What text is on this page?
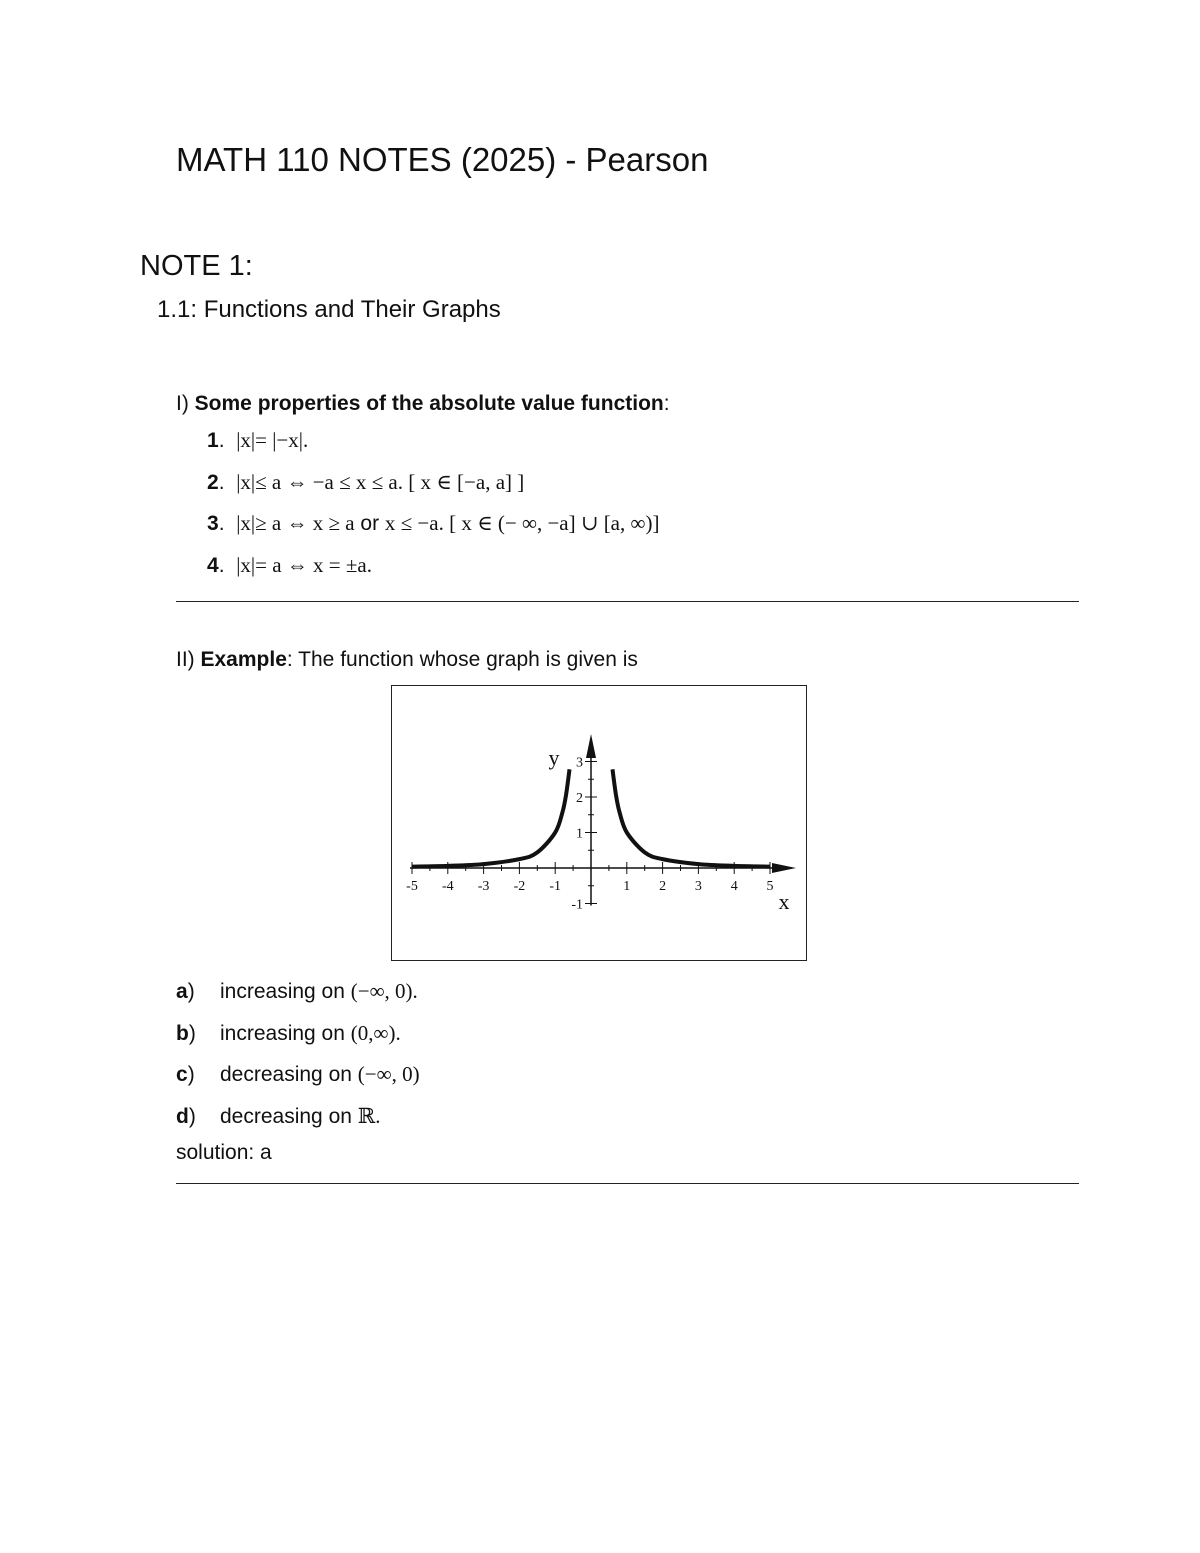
MATH 110 NOTES (2025) - Pearson
NOTE 1:
1.1: Functions and Their Graphs
I) Some properties of the absolute value function:
1. |x|= |−x|.
2. |x|≤ a ⇔ −a ≤ x ≤ a. [ x ∈ [−a, a] ]
3. |x|≥ a ⇔ x ≥ a or x ≤ −a. [ x ∈ (− ∞, −a] ∪ [a, ∞)]
4. |x|= a ⇔ x = ±a.
II) Example: The function whose graph is given is
-5 -4 -3 -2 -1	1 2 3 4 5
-1
1
2
3
x
y
a) increasing on (−∞, 0).
b) increasing on (0,∞).
c) decreasing on (−∞, 0)
d) decreasing on ℝ.
solution: a
